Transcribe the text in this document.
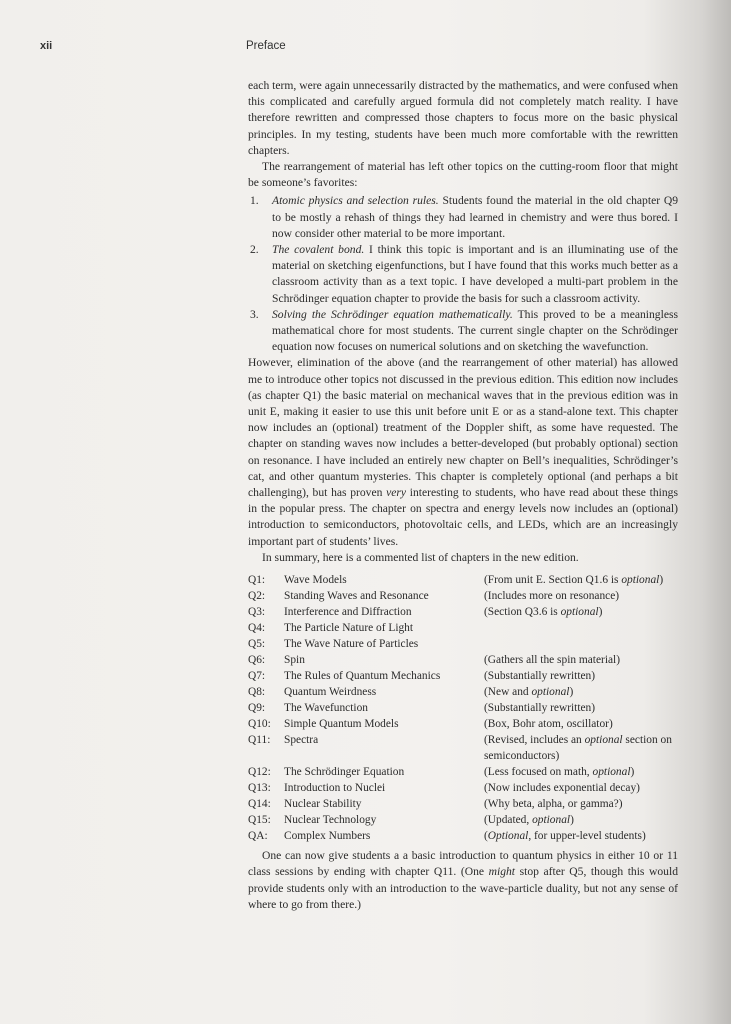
xii	Preface

each term, were again unnecessarily distracted by the mathematics, and were confused when this complicated and carefully argued formula did not completely match reality. I have therefore rewritten and compressed those chapters to focus more on the basic physical principles. In my testing, students have been much more comfortable with the rewritten chapters.

The rearrangement of material has left other topics on the cutting-room floor that might be someone’s favorites:

1. Atomic physics and selection rules. Students found the material in the old chapter Q9 to be mostly a rehash of things they had learned in chemistry and were thus bored. I now consider other material to be more important.
2. The covalent bond. I think this topic is important and is an illuminating use of the material on sketching eigenfunctions, but I have found that this works much better as a classroom activity than as a text topic. I have developed a multi-part problem in the Schrödinger equation chapter to provide the basis for such a classroom activity.
3. Solving the Schrödinger equation mathematically. This proved to be a meaningless mathematical chore for most students. The current single chapter on the Schrödinger equation now focuses on numerical solutions and on sketching the wavefunction.

However, elimination of the above (and the rearrangement of other material) has allowed me to introduce other topics not discussed in the previous edition. This edition now includes (as chapter Q1) the basic material on mechanical waves that in the previous edition was in unit E, making it easier to use this unit before unit E or as a stand-alone text. This chapter now includes an (optional) treatment of the Doppler shift, as some have requested. The chapter on standing waves now includes a better-developed (but probably optional) section on resonance. I have included an entirely new chapter on Bell’s inequalities, Schrödinger’s cat, and other quantum mysteries. This chapter is completely optional (and perhaps a bit challenging), but has proven very interesting to students, who have read about these things in the popular press. The chapter on spectra and energy levels now includes an (optional) introduction to semiconductors, photovoltaic cells, and LEDs, which are an increasingly important part of students’ lives.

In summary, here is a commented list of chapters in the new edition.

Q1:	Wave Models	(From unit E. Section Q1.6 is optional)
Q2:	Standing Waves and Resonance	(Includes more on resonance)
Q3:	Interference and Diffraction	(Section Q3.6 is optional)
Q4:	The Particle Nature of Light
Q5:	The Wave Nature of Particles
Q6:	Spin	(Gathers all the spin material)
Q7:	The Rules of Quantum Mechanics	(Substantially rewritten)
Q8:	Quantum Weirdness	(New and optional)
Q9:	The Wavefunction	(Substantially rewritten)
Q10:	Simple Quantum Models	(Box, Bohr atom, oscillator)
Q11:	Spectra	(Revised, includes an optional section on semiconductors)
Q12:	The Schrödinger Equation	(Less focused on math, optional)
Q13:	Introduction to Nuclei	(Now includes exponential decay)
Q14:	Nuclear Stability	(Why beta, alpha, or gamma?)
Q15:	Nuclear Technology	(Updated, optional)
QA:	Complex Numbers	(Optional, for upper-level students)

One can now give students a a basic introduction to quantum physics in either 10 or 11 class sessions by ending with chapter Q11. (One might stop after Q5, though this would provide students only with an introduction to the wave-particle duality, but not any sense of where to go from there.)
